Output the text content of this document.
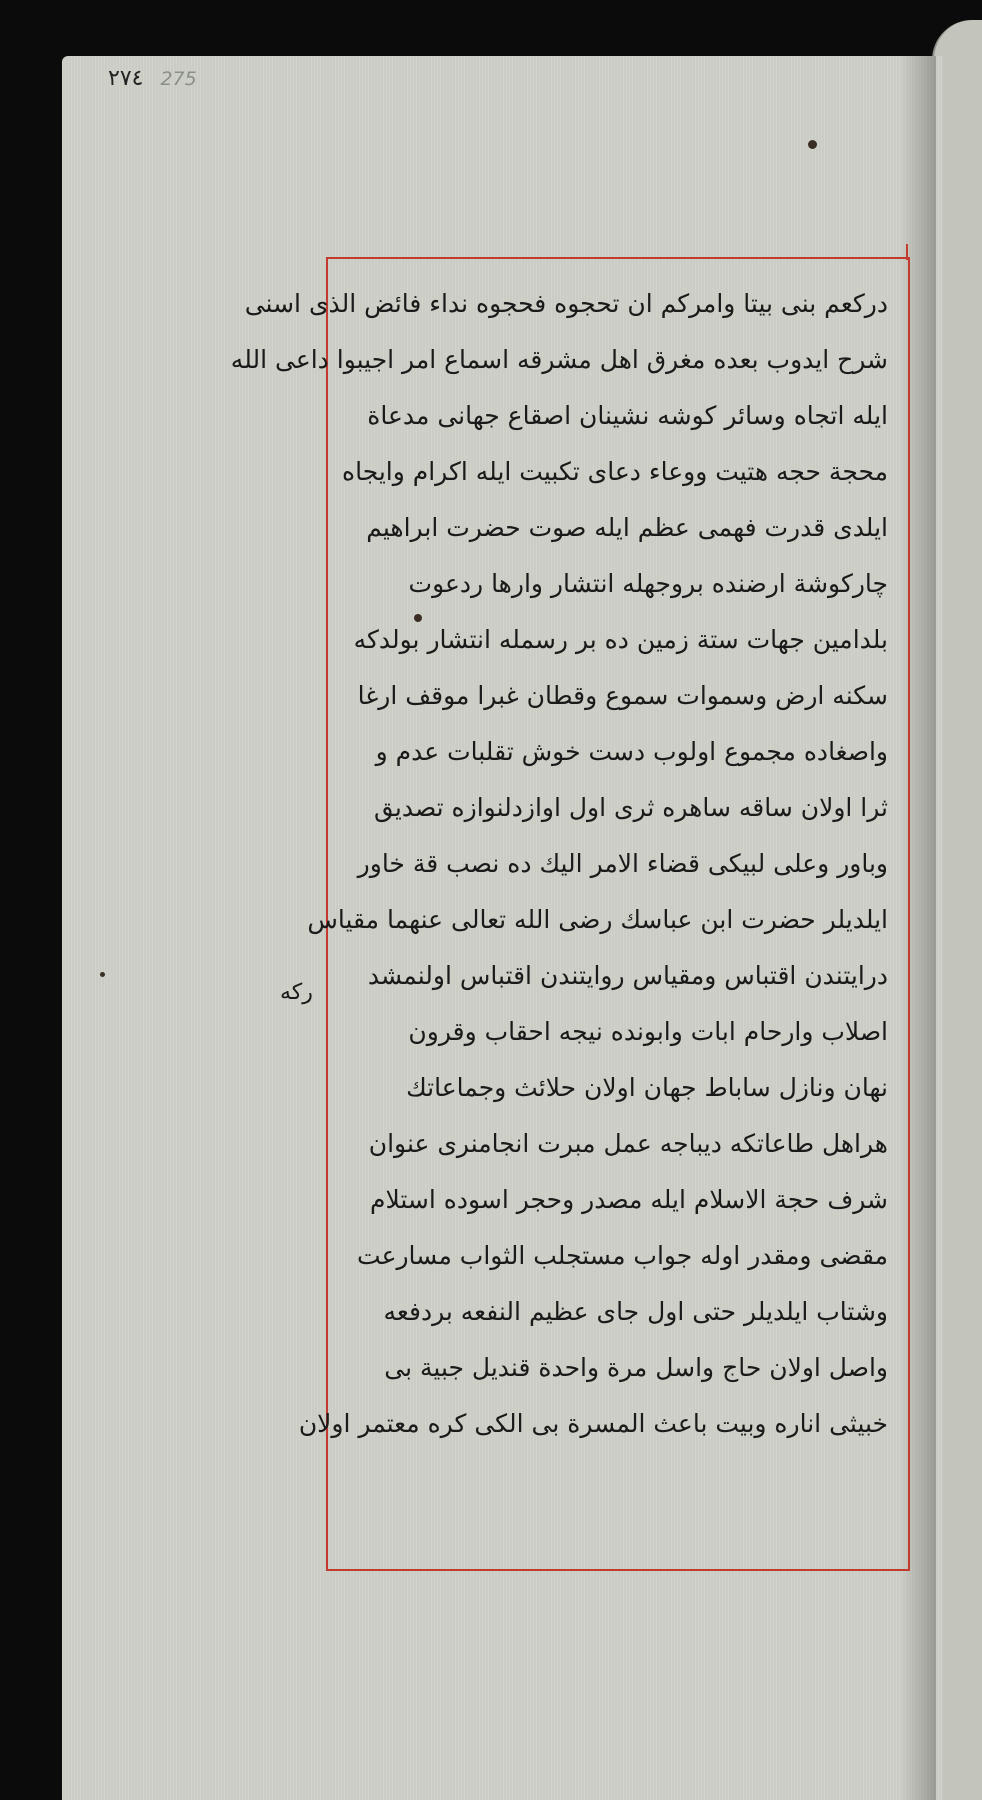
٢٧٤ 275
ركه
دركعم بنى بيتا وامركم ان تحجوه فحجوه نداء فائض الذى اسنى
شرح ايدوب بعده مغرق اهل مشرقه اسماع امر اجيبوا داعى الله
ايله اتجاه وسائر كوشه نشينان اصقاع جهانى مدعاة
محجة حجه هتيت ووعاء دعاى تكبيت ايله اكرام وايجاه
ايلدى قدرت فهمى عظم ايله صوت حضرت ابراهيم
چاركوشة ارضنده بروجهله انتشار وارها ردعوت
بلدامين جهات ستة زمين ده بر رسمله انتشار بولدكه
سكنه ارض وسموات سموع وقطان غبرا موقف ارغا
واصغاده مجموع اولوب دست خوش تقلبات عدم و
ثرا اولان ساقه ساهره ثرى اول اوازدلنوازه تصديق
وباور وعلى لبيكى قضاء الامر اليك ده نصب قة خاور
ايلديلر حضرت ابن عباسك رضى الله تعالى عنهما مقياس
درايتندن اقتباس ومقياس روايتندن اقتباس اولنمشد
اصلاب وارحام ابات وابونده نيجه احقاب وقرون
نهان ونازل ساباط جهان اولان حلائث وجماعاتك
هراهل طاعاتكه ديباجه عمل مبرت انجامنرى عنوان
شرف حجة الاسلام ايله مصدر وحجر اسوده استلام
مقضى ومقدر اوله جواب مستجلب الثواب مسارعت
وشتاب ايلديلر حتى اول جاى عظيم النفعه بردفعه
واصل اولان حاج واسل مرة واحدة قنديل جبية بى
خبيثى اناره وبيت باعث المسرة بى الكى كره معتمر اولان
